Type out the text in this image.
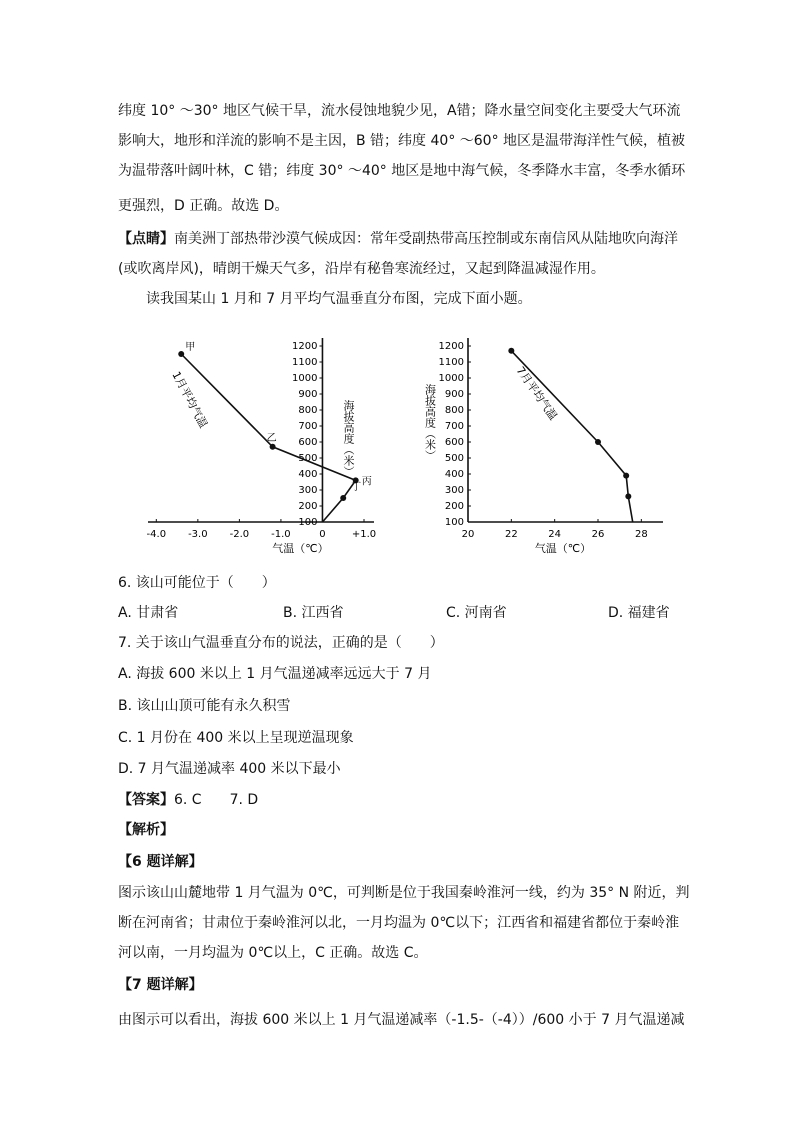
纬度 10° ～30° 地区气候干旱，流水侵蚀地貌少见，A错；降水量空间变化主要受大气环流
影响大，地形和洋流的影响不是主因，B 错；纬度 40° ～60° 地区是温带海洋性气候，植被
为温带落叶阔叶林，C 错；纬度 30° ～40° 地区是地中海气候，冬季降水丰富，冬季水循环
更强烈，D 正确。故选 D。
【点睛】南美洲丁部热带沙漠气候成因：常年受副热带高压控制或东南信风从陆地吹向海洋
(或吹离岸风)，晴朗干燥天气多，沿岸有秘鲁寒流经过，又起到降温减湿作用。
读我国某山 1 月和 7 月平均气温垂直分布图，完成下面小题。
-4.0 -3.0 -2.0 -1.0	0	+1.0
100
200
300
400
500
600
700
800
900
1000
1100
1200
甲
乙
丙
丁
1月平均气温
海拔高度（米）
气温（℃）
20	22	24	26	28
100
200
300
400
500
600
700
800
900
1000
1100
1200
7月平均气温
海拔高度（米）
气温（℃）
6. 该山可能位于（　　）
A. 甘肃省	B. 江西省	C. 河南省	D. 福建省
7. 关于该山气温垂直分布的说法，正确的是（　　）
A. 海拔 600 米以上 1 月气温递减率远远大于 7 月
B. 该山山顶可能有永久积雪
C. 1 月份在 400 米以上呈现逆温现象
D. 7 月气温递减率 400 米以下最小
【答案】6. C　　7. D
【解析】
【6 题详解】
图示该山山麓地带 1 月气温为 0℃，可判断是位于我国秦岭淮河一线，约为 35° N 附近，判
断在河南省；甘肃位于秦岭淮河以北，一月均温为 0℃以下；江西省和福建省都位于秦岭淮
河以南，一月均温为 0℃以上，C 正确。故选 C。
【7 题详解】
由图示可以看出，海拔 600 米以上 1 月气温递减率（-1.5-（-4））/600 小于 7 月气温递减
